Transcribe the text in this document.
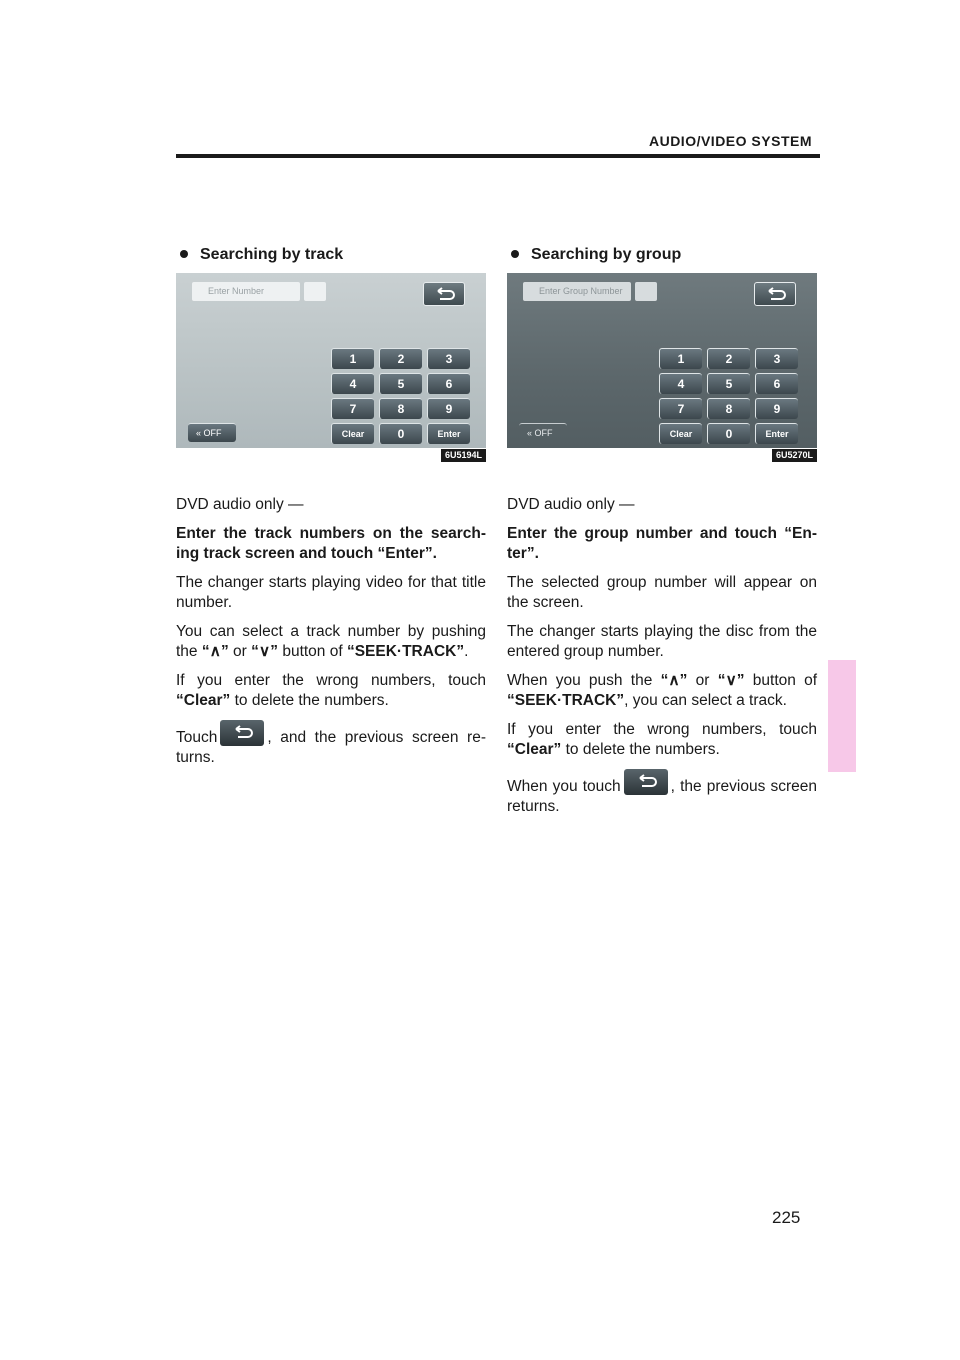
AUDIO/VIDEO SYSTEM
Searching by track
Enter Number
1	2	3
4	5	6
7	8	9
Clear	0	Enter
« OFF
6U5194L

DVD audio only —

Enter the track numbers on the search-ing track screen and touch “Enter”.

The changer starts playing video for that title number.

You can select a track number by pushing the “∧” or “∨” button of “SEEK·TRACK”.

If you enter the wrong numbers, touch “Clear” to delete the numbers.

Touch	, and the previous screen re-turns.

Searching by group
Enter Group Number
1	2	3
4	5	6
7	8	9
Clear	0	Enter
« OFF
6U5270L

DVD audio only —

Enter the group number and touch “En-ter”.

The selected group number will appear on the screen.

The changer starts playing the disc from the entered group number.

When you push the “∧” or “∨” button of “SEEK·TRACK”, you can select a track.

If you enter the wrong numbers, touch “Clear” to delete the numbers.

When you touch	, the previous screen returns.

225
